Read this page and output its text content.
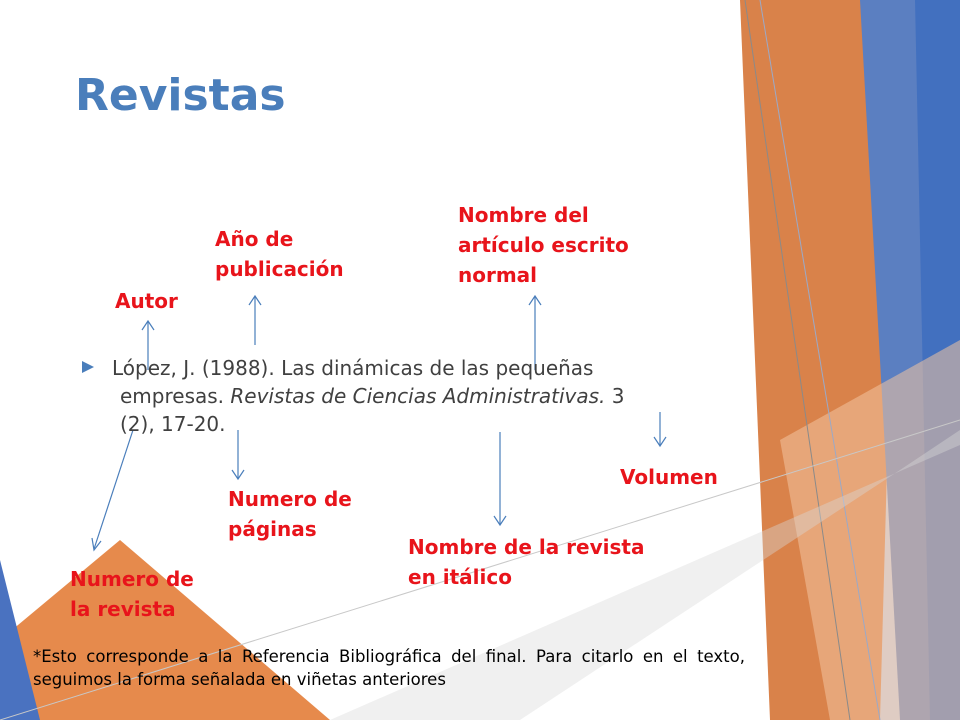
Revistas
Autor
Año de
publicación
Nombre del
artículo escrito
normal
Volumen
Numero de
páginas
Numero de
la revista
Nombre de la revista
en itálico
López, J. (1988). Las dinámicas de las pequeñas
empresas. Revistas de Ciencias Administrativas. 3
(2), 17-20.
*Esto corresponde a la Referencia Bibliográfica del final. Para citarlo en el texto, seguimos la forma señalada en viñetas anteriores
